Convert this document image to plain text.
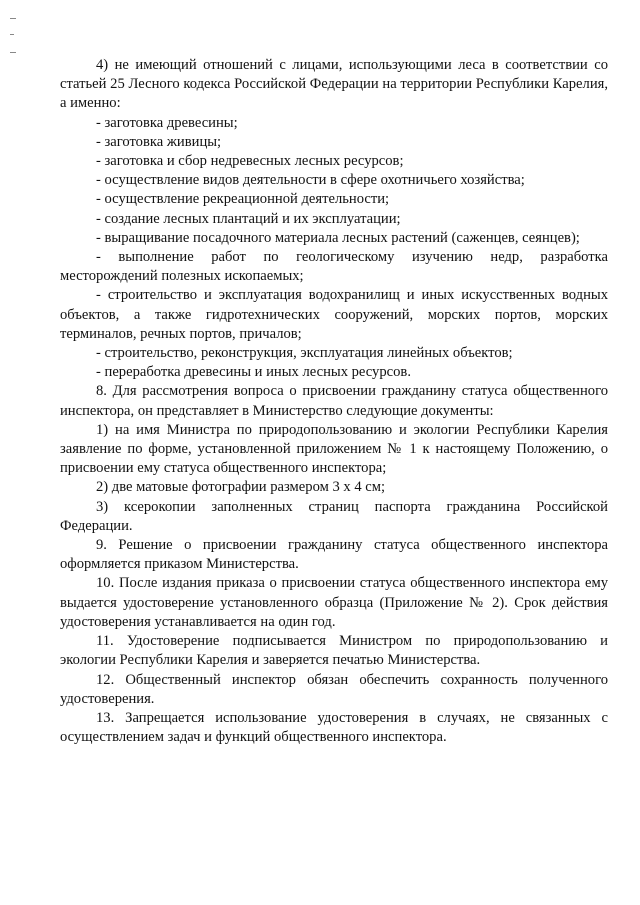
4) не имеющий отношений с лицами, использующими леса в соответствии со статьей 25 Лесного кодекса Российской Федерации на территории Республики Карелия, а именно:

- заготовка древесины;

- заготовка живицы;

- заготовка и сбор недревесных лесных ресурсов;

- осуществление видов деятельности в сфере охотничьего хозяйства;

- осуществление рекреационной деятельности;

- создание лесных плантаций и их эксплуатации;

- выращивание посадочного материала лесных растений (саженцев, сеянцев);

- выполнение работ по геологическому изучению недр, разработка месторождений полезных ископаемых;

- строительство и эксплуатация водохранилищ и иных искусственных водных объектов, а также гидротехнических сооружений, морских портов, морских терминалов, речных портов, причалов;

- строительство, реконструкция, эксплуатация линейных объектов;

- переработка древесины и иных лесных ресурсов.

8. Для рассмотрения вопроса о присвоении гражданину статуса общественного инспектора, он представляет в Министерство следующие документы:

1) на имя Министра по природопользованию и экологии Республики Карелия заявление по форме, установленной приложением № 1 к настоящему Положению, о присвоении ему статуса общественного инспектора;

2) две матовые фотографии размером 3 х 4 см;

3) ксерокопии заполненных страниц паспорта гражданина Российской Федерации.

9. Решение о присвоении гражданину статуса общественного инспектора оформляется приказом Министерства.

10. После издания приказа о присвоении статуса общественного инспектора ему выдается удостоверение установленного образца (Приложение № 2). Срок действия удостоверения устанавливается на один год.

11. Удостоверение подписывается Министром по природопользованию и экологии Республики Карелия и заверяется печатью Министерства.

12. Общественный инспектор обязан обеспечить сохранность полученного удостоверения.

13. Запрещается использование удостоверения в случаях, не связанных с осуществлением задач и функций общественного инспектора.
